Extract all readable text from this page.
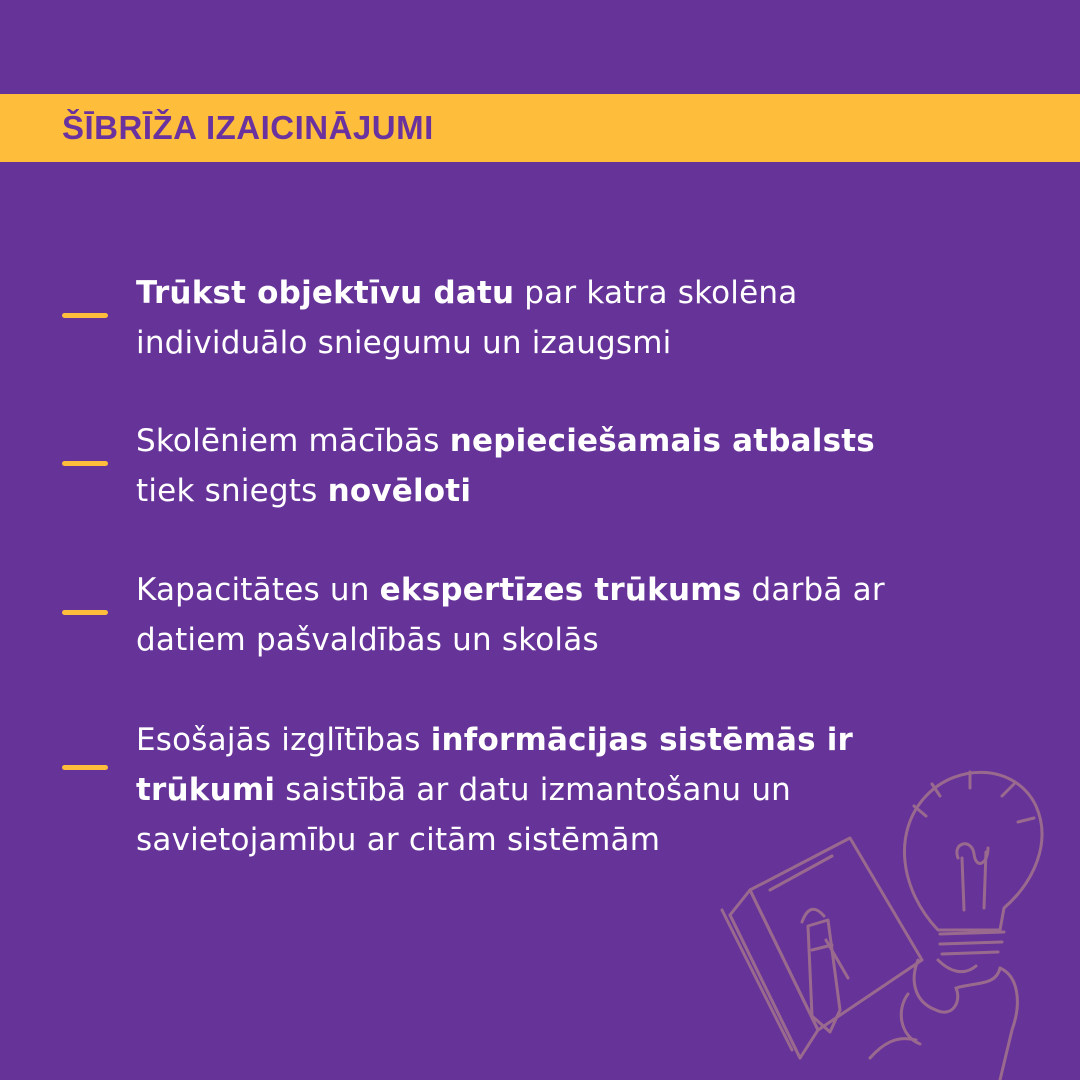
ŠĪBRĪŽA IZAICINĀJUMI
Trūkst objektīvu datu par katra skolēna
individuālo sniegumu un izaugsmi
Skolēniem mācībās nepieciešamais atbalsts
tiek sniegts novēloti
Kapacitātes un ekspertīzes trūkums darbā ar
datiem pašvaldībās un skolās
Esošajās izglītības informācijas sistēmās ir
trūkumi saistībā ar datu izmantošanu un
savietojamību ar citām sistēmām
